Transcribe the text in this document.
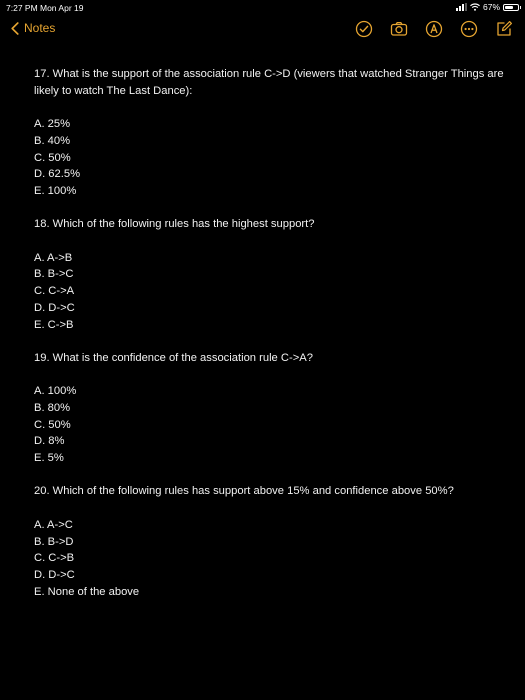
7:27 PM Mon Apr 19	67%
Notes

17. What is the support of the association rule C->D (viewers that watched Stranger Things are likely to watch The Last Dance):

A. 25%
B. 40%
C. 50%
D. 62.5%
E. 100%

18. Which of the following rules has the highest support?

A. A->B
B. B->C
C. C->A
D. D->C
E. C->B

19. What is the confidence of the association rule C->A?

A. 100%
B. 80%
C. 50%
D. 8%
E. 5%

20. Which of the following rules has support above 15% and confidence above 50%?

A. A->C
B. B->D
C. C->B
D. D->C
E. None of the above
